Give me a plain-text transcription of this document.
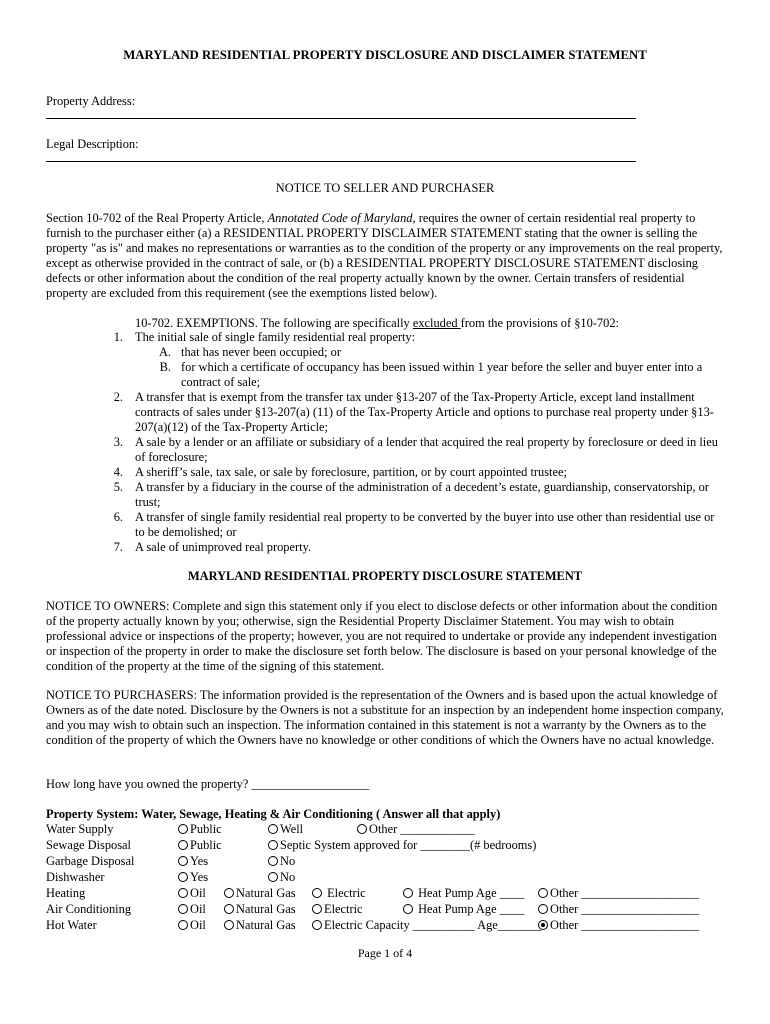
MARYLAND RESIDENTIAL PROPERTY DISCLOSURE AND DISCLAIMER STATEMENT
Property Address:
Legal Description:
NOTICE TO SELLER AND PURCHASER
Section 10-702 of the Real Property Article, Annotated Code of Maryland, requires the owner of certain residential real property to furnish to the purchaser either (a) a RESIDENTIAL PROPERTY DISCLAIMER STATEMENT stating that the owner is selling the property "as is" and makes no representations or warranties as to the condition of the property or any improvements on the real property, except as otherwise provided in the contract of sale, or (b) a RESIDENTIAL PROPERTY DISCLOSURE STATEMENT disclosing defects or other information about the condition of the real property actually known by the owner. Certain transfers of residential property are excluded from this requirement (see the exemptions listed below).
10-702. EXEMPTIONS. The following are specifically excluded from the provisions of §10-702:
1. The initial sale of single family residential real property:
A. that has never been occupied; or
B. for which a certificate of occupancy has been issued within 1 year before the seller and buyer enter into a contract of sale;
2. A transfer that is exempt from the transfer tax under §13-207 of the Tax-Property Article, except land installment contracts of sales under §13-207(a) (11) of the Tax-Property Article and options to purchase real property under §13-207(a)(12) of the Tax-Property Article;
3. A sale by a lender or an affiliate or subsidiary of a lender that acquired the real property by foreclosure or deed in lieu of foreclosure;
4. A sheriff’s sale, tax sale, or sale by foreclosure, partition, or by court appointed trustee;
5. A transfer by a fiduciary in the course of the administration of a decedent’s estate, guardianship, conservatorship, or trust;
6. A transfer of single family residential real property to be converted by the buyer into use other than residential use or to be demolished; or
7. A sale of unimproved real property.
MARYLAND RESIDENTIAL PROPERTY DISCLOSURE STATEMENT
NOTICE TO OWNERS: Complete and sign this statement only if you elect to disclose defects or other information about the condition of the property actually known by you; otherwise, sign the Residential Property Disclaimer Statement. You may wish to obtain professional advice or inspections of the property; however, you are not required to undertake or provide any independent investigation or inspection of the property in order to make the disclosure set forth below. The disclosure is based on your personal knowledge of the condition of the property at the time of the signing of this statement.
NOTICE TO PURCHASERS: The information provided is the representation of the Owners and is based upon the actual knowledge of Owners as of the date noted. Disclosure by the Owners is not a substitute for an inspection by an independent home inspection company, and you may wish to obtain such an inspection. The information contained in this statement is not a warranty by the Owners as to the condition of the property of which the Owners have no knowledge or other conditions of which the Owners have no actual knowledge.
How long have you owned the property? ___________________
Property System: Water, Sewage, Heating & Air Conditioning ( Answer all that apply)
Water Supply	Public	Well	Other ____________
Sewage Disposal	Public	Septic System approved for ________(# bedrooms)
Garbage Disposal	Yes	No
Dishwasher	Yes	No
Heating	Oil	Natural Gas	Electric	Heat Pump Age ____	Other ___________________
Air Conditioning	Oil	Natural Gas	Electric	Heat Pump Age ____	Other ___________________
Hot Water	Oil	Natural Gas	Electric Capacity __________ Age_______ Other ___________________
Page 1 of 4
